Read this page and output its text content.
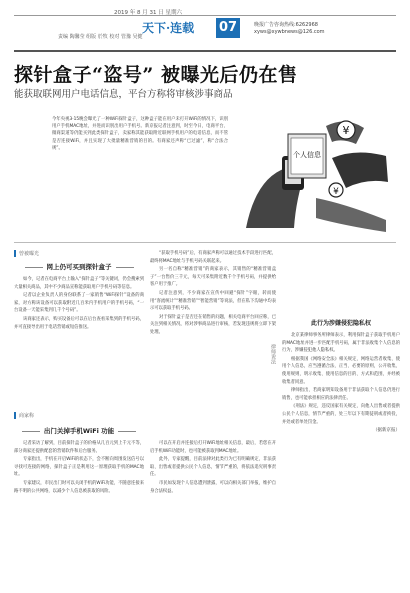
2019 年 8 月 31 日 星期六
天下·连载 07
责编 陶馨莹 组版 於牧 校对 管豫 吴健
晚报广告咨询热线:6262968
xyws@xywbnews@126.com
探针盒子“盗号” 被曝光后仍在售
能获取联网用户电话信息，平台方称将审核涉事商品
今年央视3·15晚会曝光了一种WiFi探针盒子，这种盒子能在用户未打开WiFi的情况下，识别用户手机MAC地址，并进而识别出用户手机号。新京报记者注意到，时至今日，电商平台、微商渠道等仍能买到此类探针盒子，卖家称其能获取附近联网手机用户的电话信息，而不管是否连接WiFi，并且实现了大批量精准营销的目的。有商家还声称“已过滤”，称“合法合规”。
个人信息
¥
¥
曾被曝光
网上仍可买到探针盒子

如今，记者在电商平台上输入“探针盒子”等关键词，仍会搜索到大量相关商品，其中不少商品宣称能获取用户手机号码等信息。

记者以企业负责人的身份联系了一家销售“WiFi探针”设备的商家，对方称该设备可以获取附近几百米内手机用户的手机号码，“一台设备一天能采集到几千个号码”。

该商家还表示，购买设备后可以在后台查看采集到的手机号码，并可直接导出用于电话营销或短信推送。

商家称
出门关掉手机WiFi 功能

记者采访了解到，目前探针盒子的价格从几百元到上千元不等，部分商家还提供配套的营销软件和后台服务。

专家指出，手机在开启WiFi的状态下，会不断向周围发送信号以寻找可连接的网络，探针盒子正是利用这一原理获取手机的MAC地址。

专家建议，市民出门时可以关闭手机的WiFi功能，不随意连接来路不明的公共网络，以减少个人信息被获取的风险。

“获取手机号码”后，有商家声称可以通过技术手段进行匹配，最终将MAC地址与手机号码关联起来。

另一名自称“精准营销”的商家表示，其销售的“精准营销盒子”一台售价三千元，每天可采集附近数千个手机号码，并提供给客户用于推广。

记者注意到，不少商家在宣传中回避“探针”字眼，转而使用“客流统计”“精准营销”“智能营销”等说法，但在私下沟通中均表示可以获取手机号码。

对于探针盒子是否还在销售的问题，相关电商平台回应称，已关注到相关情况，将对涉事商品进行审核，若发现违规将立即下架处理。

可以在开启并连接后打开WiFi地址相关信息，最后，若您在开启手机WiFi功能时，也可能被获取到MAC地址。

此外，专家提醒，目前法律对此类行为已有明确规定，非法获取、出售或者提供公民个人信息，情节严重的，将依法追究刑事责任。

市民如发现个人信息遭到泄露，可以向相关部门举报，维护自身合法权益。

此行为涉嫌侵犯隐私权
律师说法

北京某律师事务所律师表示，利用探针盒子获取手机用户的MAC地址并进一步匹配手机号码，属于非法收集个人信息的行为，涉嫌侵犯他人隐私权。

根据我国《网络安全法》相关规定，网络运营者收集、使用个人信息，应当遵循合法、正当、必要的原则，公开收集、使用规则，明示收集、使用信息的目的、方式和范围，并经被收集者同意。

律师指出，若商家明知设备用于非法获取个人信息仍进行销售，也可能承担相应的法律责任。

《刑法》规定，违反国家有关规定，向他人出售或者提供公民个人信息，情节严重的，处三年以下有期徒刑或者拘役，并处或者单处罚金。

（据新京报）
